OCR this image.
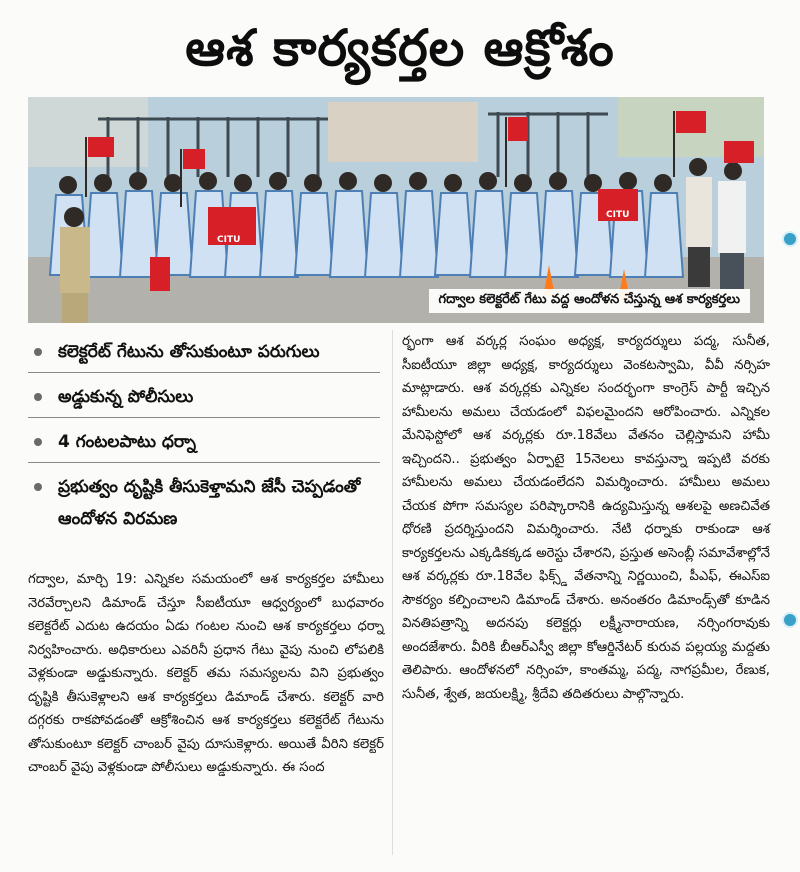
ఆశ కార్యకర్తల ఆక్రోశం
CITU
CITU
గద్వాల కలెక్టరేట్ గేటు వద్ద ఆందోళన చేస్తున్న ఆశ కార్యకర్తలు
కలెక్టరేట్ గేటును తోసుకుంటూ పరుగులు
అడ్డుకున్న పోలీసులు
4 గంటలపాటు ధర్నా
ప్రభుత్వం దృష్టికి తీసుకెళ్తామని జేసీ చెప్పడంతో ఆందోళన విరమణ

గద్వాల, మార్చి 19: ఎన్నికల సమయంలో ఆశ కార్యకర్తల హామీలు నెరవేర్చాలని డిమాండ్ చేస్తూ సీఐటీయూ ఆధ్వర్యంలో బుధవారం కలెక్టరేట్ ఎదుట ఉదయం ఏడు గంటల నుంచి ఆశ కార్యకర్తలు ధర్నా నిర్వహించారు. అధికారులు ఎవరినీ ప్రధాన గేటు వైపు నుంచి లోపలికి వెళ్లకుండా అడ్డుకున్నారు. కలెక్టర్ తమ సమస్యలను విని ప్రభుత్వం దృష్టికి తీసుకెళ్లాలని ఆశ కార్యకర్తలు డిమాండ్ చేశారు. కలెక్టర్ వారి దగ్గరకు రాకపోవడంతో ఆక్రోశించిన ఆశ కార్యకర్తలు కలెక్టరేట్ గేటును తోసుకుంటూ కలెక్టర్ చాంబర్ వైపు దూసుకెళ్లారు. అయితే వీరిని కలెక్టర్ చాంబర్ వైపు వెళ్లకుండా పోలీసులు అడ్డుకున్నారు. ఈ సంద

ర్భంగా ఆశ వర్కర్ల సంఘం అధ్యక్ష, కార్యదర్శులు పద్మ, సునీత, సీఐటీయూ జిల్లా అధ్యక్ష, కార్యదర్శులు వెంకటస్వామి, వీవీ నర్సిహ మాట్లాడారు. ఆశ వర్కర్లకు ఎన్నికల సందర్భంగా కాంగ్రెస్ పార్టీ ఇచ్చిన హామీలను అమలు చేయడంలో విఫలమైందని ఆరోపించారు. ఎన్నికల మేనిఫెస్టోలో ఆశ వర్కర్లకు రూ.18వేలు వేతనం చెల్లిస్తామని హామీ ఇచ్చిందని.. ప్రభుత్వం ఏర్పాటై 15నెలలు కావస్తున్నా ఇప్పటి వరకు హామీలను అమలు చేయడంలేదని విమర్శించారు. హామీలు అమలు చేయక పోగా సమస్యల పరిష్కారానికి ఉద్యమిస్తున్న ఆశలపై అణచివేత ధోరణి ప్రదర్శిస్తుందని విమర్శించారు. నేటి ధర్నాకు రాకుండా ఆశ కార్యకర్తలను ఎక్కడికక్కడ అరెస్టు చేశారని, ప్రస్తుత అసెంబ్లీ సమావేశాల్లోనే ఆశ వర్కర్లకు రూ.18వేల ఫిక్స్డ్ వేతనాన్ని నిర్ణయించి, పీఎఫ్, ఈఎస్ఐ సౌకర్యం కల్పించాలని డిమాండ్ చేశారు. అనంతరం డిమాండ్స్‌తో కూడిన వినతిపత్రాన్ని అదనపు కలెక్టర్లు లక్ష్మీనారాయణ, నర్సింగరావుకు అందజేశారు. వీరికి బీఆర్ఎస్వీ జిల్లా కోఆర్డినేటర్ కురువ పల్లయ్య మద్దతు తెలిపారు. ఆందోళనలో నర్సింహ, కాంతమ్మ, పద్మ, నాగప్రమీల, రేణుక, సునీత, శ్వేత, జయలక్ష్మి, శ్రీదేవి తదితరులు పాల్గొన్నారు.
